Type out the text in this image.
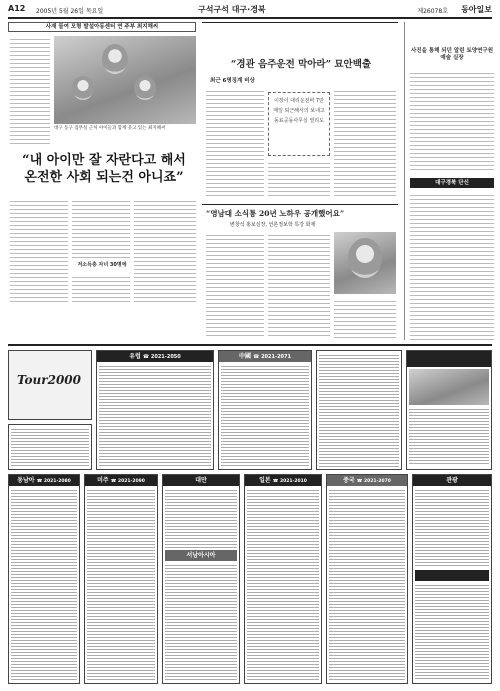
A12 2005년 5월 26일 목요일	구석구석 대구·경북	제26078호 동아일보
사재 들여 모형 발설아동센터 연 주부 최지해씨
대구 동구 집무실 근처 아이들과 함께 웃고 있는 최지해씨
“내 아이만 잘 자란다고 해서 온전한 사회 되는건 아니죠”
저소득층 자녀 30명에
“경관 음주운전 막아라” 묘안백출
최근 6명징계 비상
이장이 대리운전비 7만 매일 퇴근해서의 보내고 동료공동사무실 열리도
“영남대 소식통 20년 노하우 공개했어요”
변창석 홍보실장, 언론정보학 특강 화제
사진을 통해 되던 알린 토양연구원 예술 실장
대구경북 단신
Tour2000
유럽 ☎ 2021-2050	中國 ☎ 2021-2071
동남아 ☎ 2021-2080	미주 ☎ 2021-2090	대만
서남아시아
일본 ☎ 2021-2010	중국 ☎ 2021-2070	관광
